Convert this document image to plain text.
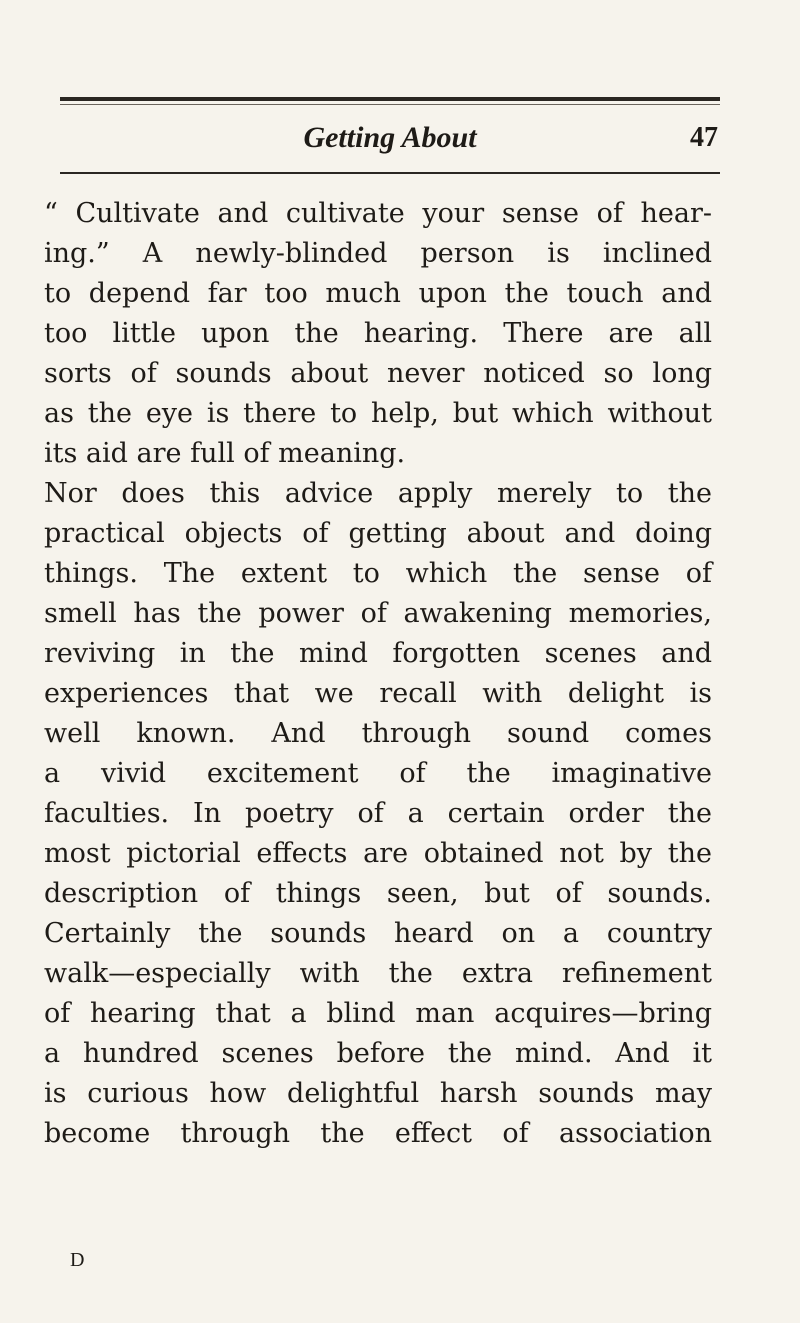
Getting About	47
“ Cultivate and cultivate your sense of hear-
ing.” A newly-blinded person is inclined
to depend far too much upon the touch and
too little upon the hearing. There are all
sorts of sounds about never noticed so long
as the eye is there to help, but which without
its aid are full of meaning.
Nor does this advice apply merely to the
practical objects of getting about and doing
things. The extent to which the sense of
smell has the power of awakening memories,
reviving in the mind forgotten scenes and
experiences that we recall with delight is
well known. And through sound comes
a vivid excitement of the imaginative
faculties. In poetry of a certain order the
most pictorial effects are obtained not by the
description of things seen, but of sounds.
Certainly the sounds heard on a country
walk—especially with the extra refinement
of hearing that a blind man acquires—bring
a hundred scenes before the mind. And it
is curious how delightful harsh sounds may
become through the effect of association
D
